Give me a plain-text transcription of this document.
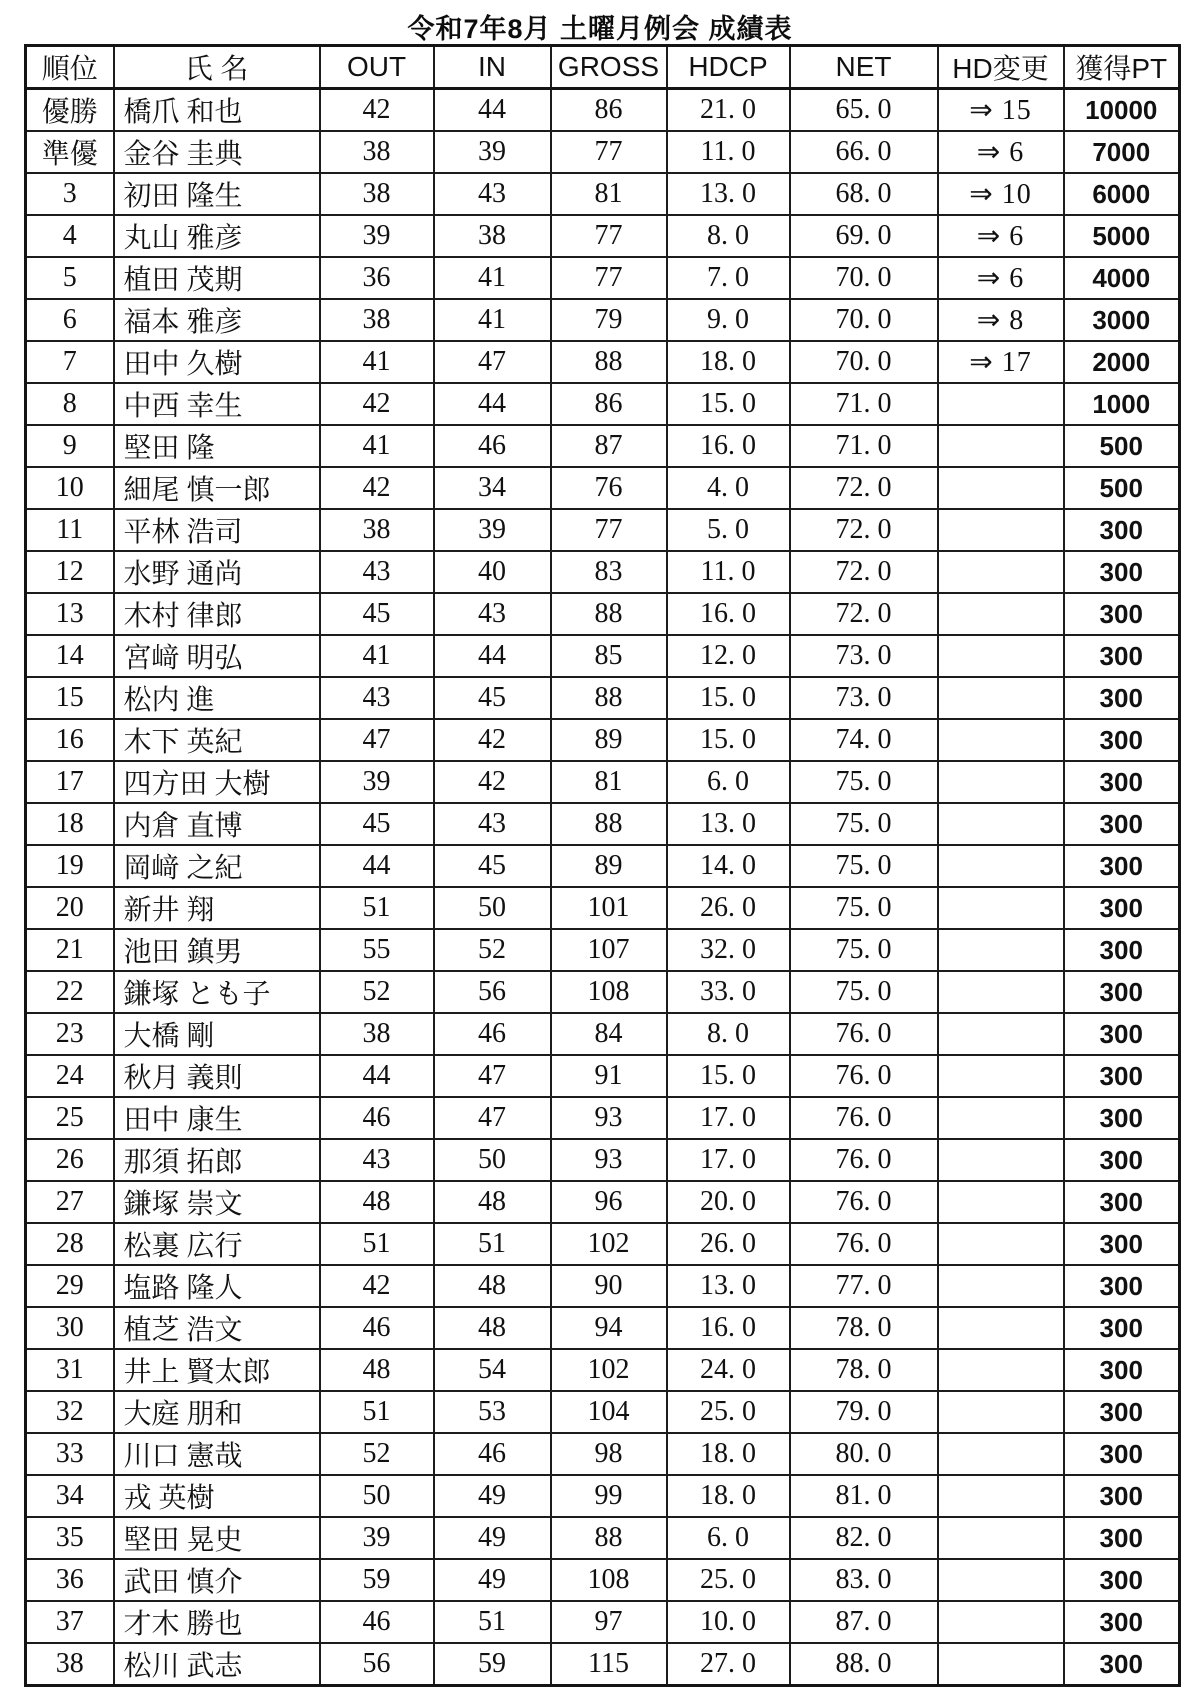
令和7年8月 土曜月例会 成績表
順位	氏 名	OUT	IN	GROSS	HDCP	NET	HD変更	獲得PT
優勝	橋爪 和也	42	44	86	21. 0	65. 0	⇒ 15	10000
準優	金谷 圭典	38	39	77	11. 0	66. 0	⇒ 6	7000
3	初田 隆生	38	43	81	13. 0	68. 0	⇒ 10	6000
4	丸山 雅彦	39	38	77	8. 0	69. 0	⇒ 6	5000
5	植田 茂期	36	41	77	7. 0	70. 0	⇒ 6	4000
6	福本 雅彦	38	41	79	9. 0	70. 0	⇒ 8	3000
7	田中 久樹	41	47	88	18. 0	70. 0	⇒ 17	2000
8	中西 幸生	42	44	86	15. 0	71. 0		1000
9	堅田 隆	41	46	87	16. 0	71. 0		500
10	細尾 慎一郎	42	34	76	4. 0	72. 0		500
11	平林 浩司	38	39	77	5. 0	72. 0		300
12	水野 通尚	43	40	83	11. 0	72. 0		300
13	木村 律郎	45	43	88	16. 0	72. 0		300
14	宮﨑 明弘	41	44	85	12. 0	73. 0		300
15	松内 進	43	45	88	15. 0	73. 0		300
16	木下 英紀	47	42	89	15. 0	74. 0		300
17	四方田 大樹	39	42	81	6. 0	75. 0		300
18	内倉 直博	45	43	88	13. 0	75. 0		300
19	岡﨑 之紀	44	45	89	14. 0	75. 0		300
20	新井 翔	51	50	101	26. 0	75. 0		300
21	池田 鎮男	55	52	107	32. 0	75. 0		300
22	鎌塚 とも子	52	56	108	33. 0	75. 0		300
23	大橋 剛	38	46	84	8. 0	76. 0		300
24	秋月 義則	44	47	91	15. 0	76. 0		300
25	田中 康生	46	47	93	17. 0	76. 0		300
26	那須 拓郎	43	50	93	17. 0	76. 0		300
27	鎌塚 崇文	48	48	96	20. 0	76. 0		300
28	松裏 広行	51	51	102	26. 0	76. 0		300
29	塩路 隆人	42	48	90	13. 0	77. 0		300
30	植芝 浩文	46	48	94	16. 0	78. 0		300
31	井上 賢太郎	48	54	102	24. 0	78. 0		300
32	大庭 朋和	51	53	104	25. 0	79. 0		300
33	川口 憲哉	52	46	98	18. 0	80. 0		300
34	戎 英樹	50	49	99	18. 0	81. 0		300
35	堅田 晃史	39	49	88	6. 0	82. 0		300
36	武田 慎介	59	49	108	25. 0	83. 0		300
37	才木 勝也	46	51	97	10. 0	87. 0		300
38	松川 武志	56	59	115	27. 0	88. 0		300
